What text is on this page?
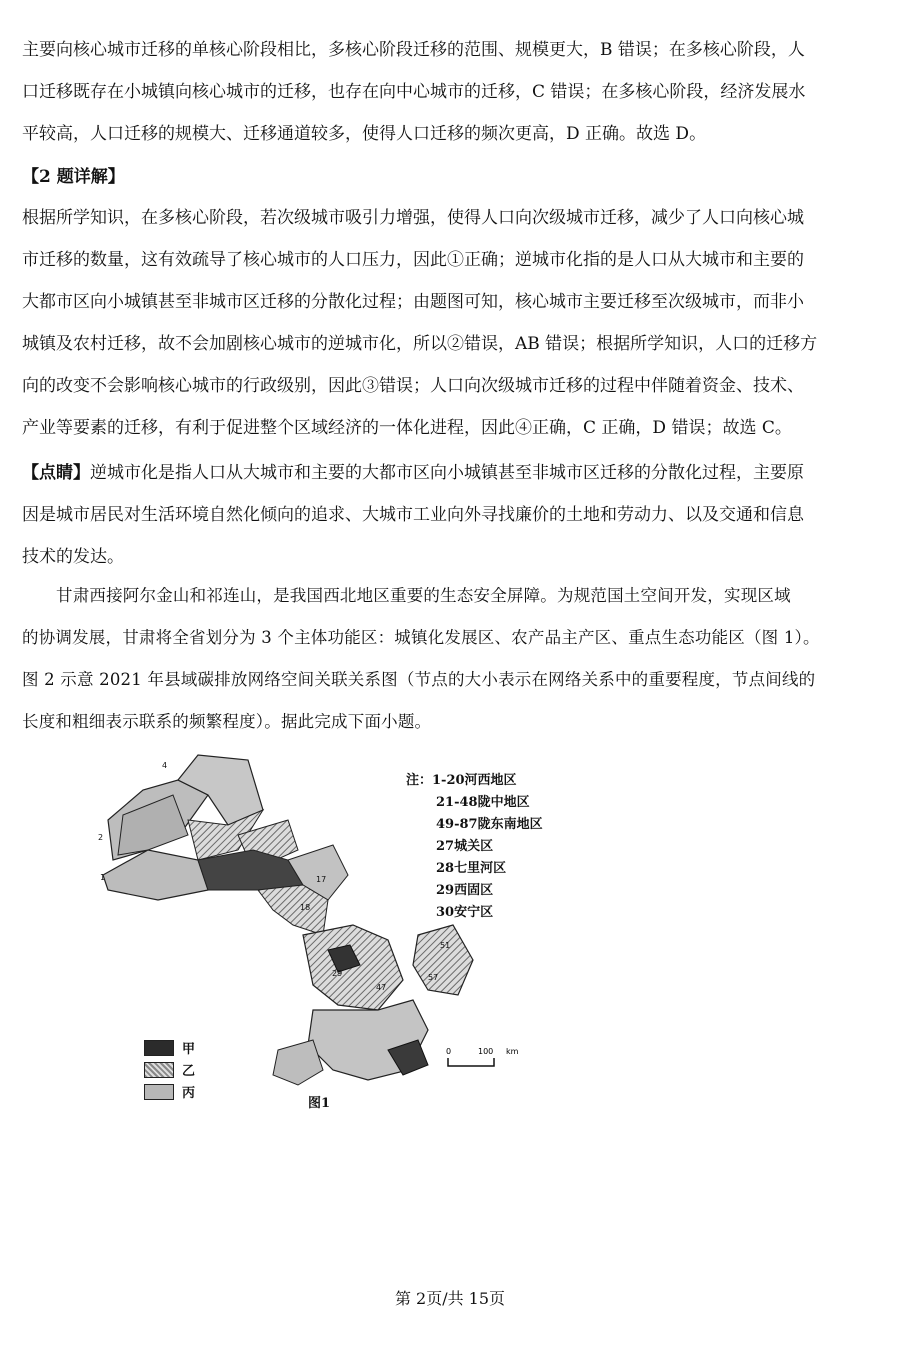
主要向核心城市迁移的单核心阶段相比，多核心阶段迁移的范围、规模更大，B 错误；在多核心阶段，人
口迁移既存在小城镇向核心城市的迁移，也存在向中心城市的迁移，C 错误；在多核心阶段，经济发展水
平较高，人口迁移的规模大、迁移通道较多，使得人口迁移的频次更高，D 正确。故选 D。
【2 题详解】
根据所学知识，在多核心阶段，若次级城市吸引力增强，使得人口向次级城市迁移，减少了人口向核心城
市迁移的数量，这有效疏导了核心城市的人口压力，因此①正确；逆城市化指的是人口从大城市和主要的
大都市区向小城镇甚至非城市区迁移的分散化过程；由题图可知，核心城市主要迁移至次级城市，而非小
城镇及农村迁移，故不会加剧核心城市的逆城市化，所以②错误，AB 错误；根据所学知识，人口的迁移方
向的改变不会影响核心城市的行政级别，因此③错误；人口向次级城市迁移的过程中伴随着资金、技术、
产业等要素的迁移，有利于促进整个区域经济的一体化进程，因此④正确，C 正确，D 错误；故选 C。
【点睛】逆城市化是指人口从大城市和主要的大都市区向小城镇甚至非城市区迁移的分散化过程，主要原
因是城市居民对生活环境自然化倾向的追求、大城市工业向外寻找廉价的土地和劳动力、以及交通和信息
技术的发达。
甘肃西接阿尔金山和祁连山，是我国西北地区重要的生态安全屏障。为规范国土空间开发，实现区域
的协调发展，甘肃将全省划分为 3 个主体功能区：城镇化发展区、农产品主产区、重点生态功能区（图 1）。
图 2 示意 2021 年县域碳排放网络空间关联关系图（节点的大小表示在网络关系中的重要程度，节点间线的
长度和粗细表示联系的频繁程度）。据此完成下面小题。
4
2
1	17
18
51
57
29
47
注：1-20河西地区
21-48陇中地区
49-87陇东南地区
27城关区
28七里河区
29西固区
30安宁区
甲
乙
丙
0	100 km
图1
第 2页/共 15页
